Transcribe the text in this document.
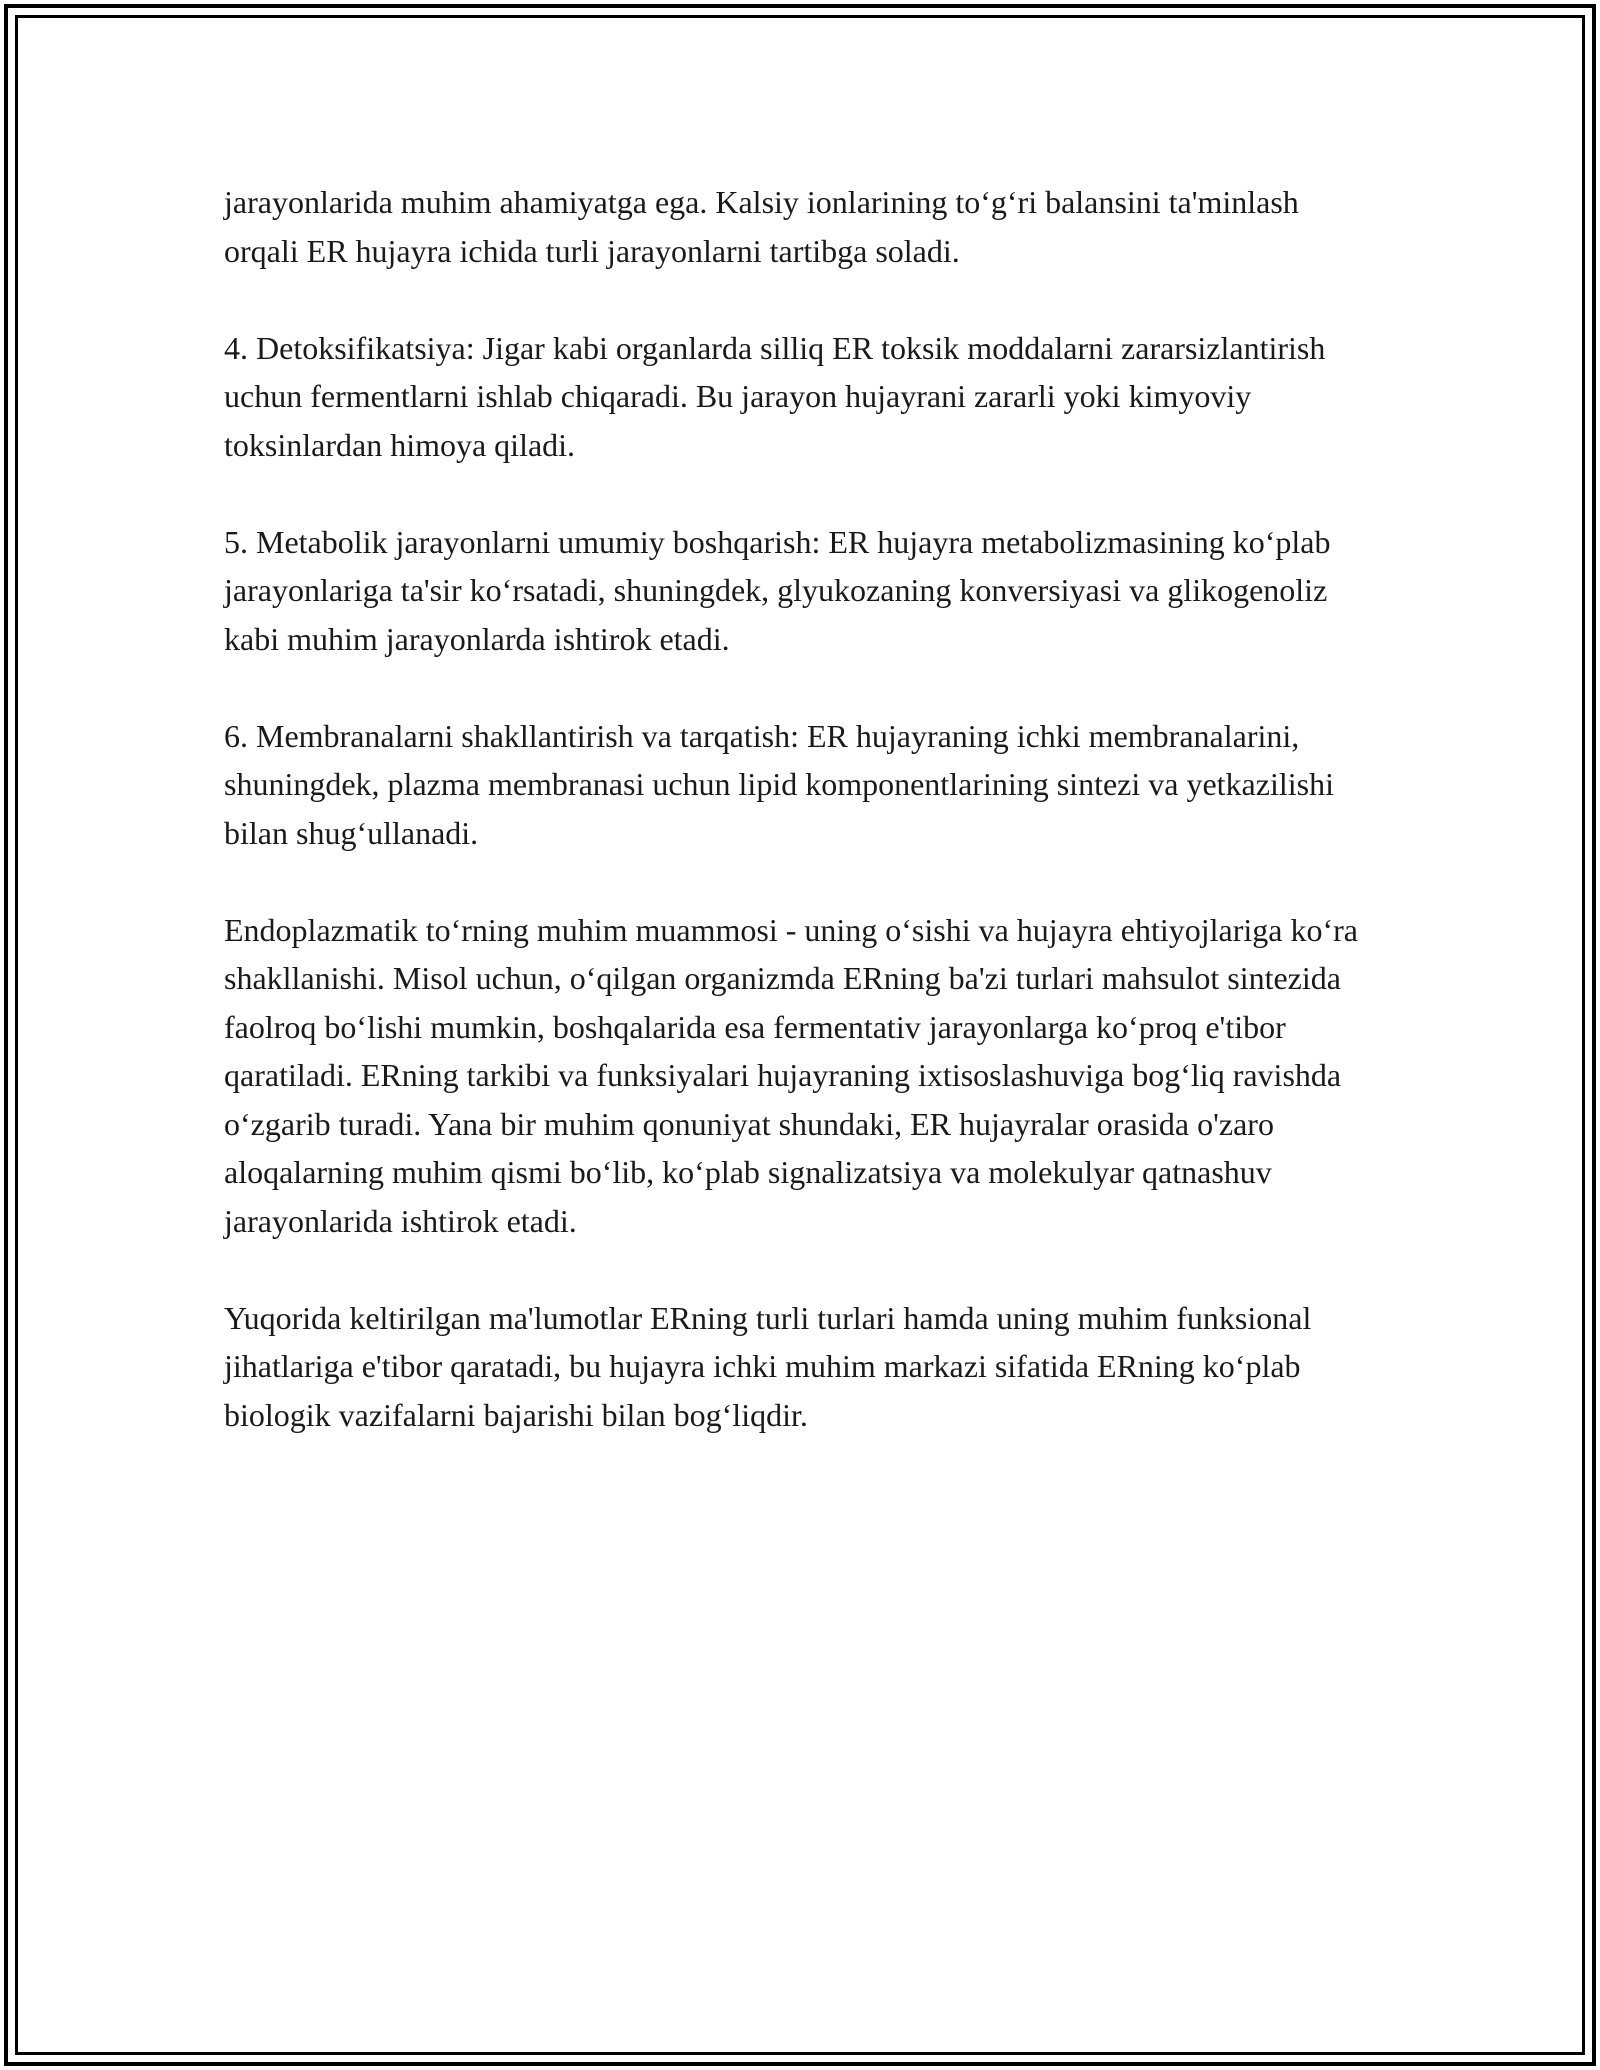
jarayonlarida muhim ahamiyatga ega. Kalsiy ionlarining to‘g‘ri balansini ta'minlash orqali ER hujayra ichida turli jarayonlarni tartibga soladi.

4. Detoksifikatsiya: Jigar kabi organlarda silliq ER toksik moddalarni zararsizlantirish uchun fermentlarni ishlab chiqaradi. Bu jarayon hujayrani zararli yoki kimyoviy toksinlardan himoya qiladi.

5. Metabolik jarayonlarni umumiy boshqarish: ER hujayra metabolizmasining ko‘plab jarayonlariga ta'sir ko‘rsatadi, shuningdek, glyukozaning konversiyasi va glikogenoliz kabi muhim jarayonlarda ishtirok etadi.

6. Membranalarni shakllantirish va tarqatish: ER hujayraning ichki membranalarini, shuningdek, plazma membranasi uchun lipid komponentlarining sintezi va yetkazilishi bilan shug‘ullanadi.

Endoplazmatik to‘rning muhim muammosi - uning o‘sishi va hujayra ehtiyojlariga ko‘ra shakllanishi. Misol uchun, o‘qilgan organizmda ERning ba'zi turlari mahsulot sintezida faolroq bo‘lishi mumkin, boshqalarida esa fermentativ jarayonlarga ko‘proq e'tibor qaratiladi. ERning tarkibi va funksiyalari hujayraning ixtisoslashuviga bog‘liq ravishda o‘zgarib turadi. Yana bir muhim qonuniyat shundaki, ER hujayralar orasida o'zaro aloqalarning muhim qismi bo‘lib, ko‘plab signalizatsiya va molekulyar qatnashuv jarayonlarida ishtirok etadi.

Yuqorida keltirilgan ma'lumotlar ERning turli turlari hamda uning muhim funksional jihatlariga e'tibor qaratadi, bu hujayra ichki muhim markazi sifatida ERning ko‘plab biologik vazifalarni bajarishi bilan bog‘liqdir.
